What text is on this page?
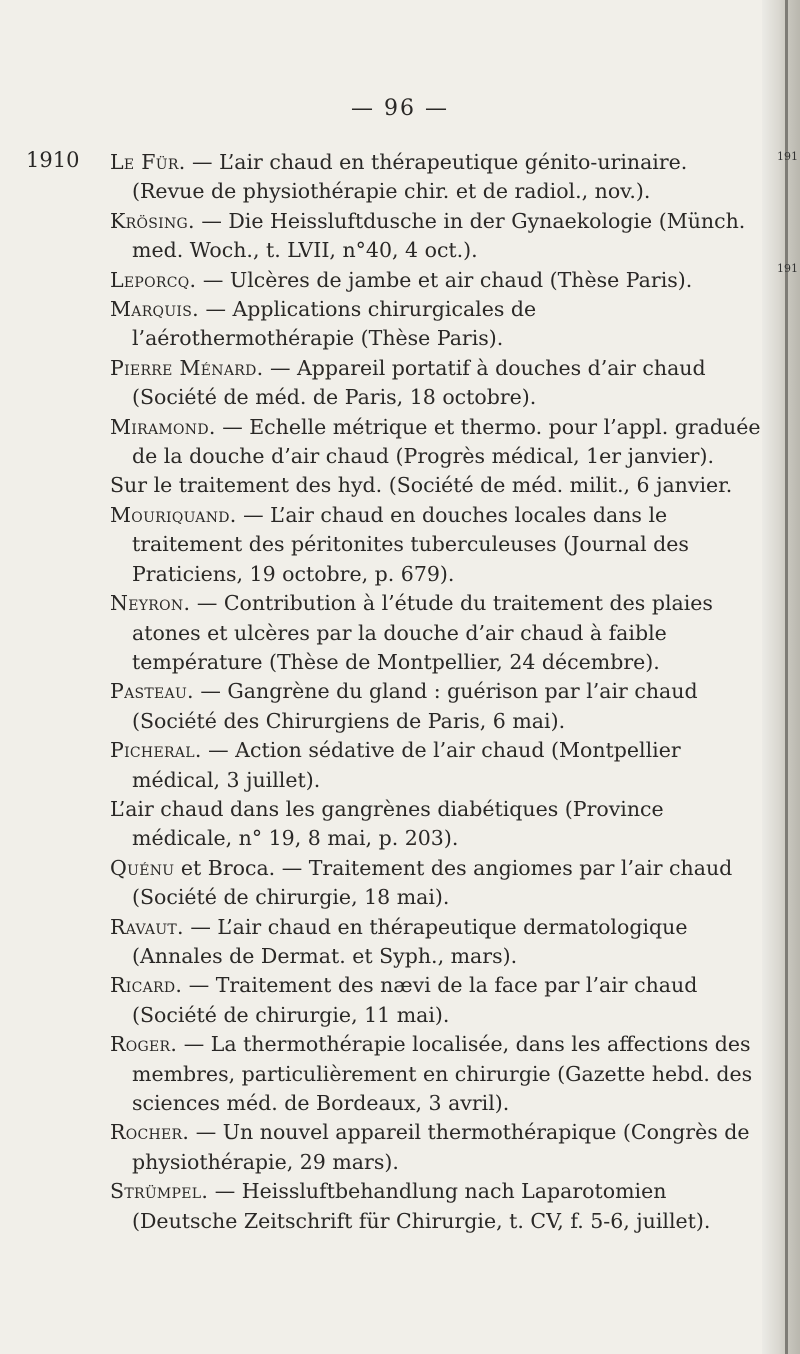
191
191
— 96 —
1910 Le Für. — L’air chaud en thérapeutique génito-urinaire. (Revue de physiothérapie chir. et de radiol., nov.).

Krösing. — Die Heissluftdusche in der Gynaekologie (Münch. med. Woch., t. LVII, n°40, 4 oct.).

Leporcq. — Ulcères de jambe et air chaud (Thèse Paris).

Marquis. — Applications chirurgicales de l’aérothermothérapie (Thèse Paris).

Pierre Ménard. — Appareil portatif à douches d’air chaud (Société de méd. de Paris, 18 octobre).

Miramond. — Echelle métrique et thermo. pour l’appl. graduée de la douche d’air chaud (Progrès médical, 1er janvier).

Sur le traitement des hyd. (Société de méd. milit., 6 janvier.

Mouriquand. — L’air chaud en douches locales dans le traitement des péritonites tuberculeuses (Journal des Praticiens, 19 octobre, p. 679).

Neyron. — Contribution à l’étude du traitement des plaies atones et ulcères par la douche d’air chaud à faible température (Thèse de Montpellier, 24 décembre).

Pasteau. — Gangrène du gland : guérison par l’air chaud (Société des Chirurgiens de Paris, 6 mai).

Picheral. — Action sédative de l’air chaud (Montpellier médical, 3 juillet).

L’air chaud dans les gangrènes diabétiques (Province médicale, n° 19, 8 mai, p. 203).

Quénu et Broca. — Traitement des angiomes par l’air chaud (Société de chirurgie, 18 mai).

Ravaut. — L’air chaud en thérapeutique dermatologique (Annales de Dermat. et Syph., mars).

Ricard. — Traitement des nævi de la face par l’air chaud (Société de chirurgie, 11 mai).

Roger. — La thermothérapie localisée, dans les affections des membres, particulièrement en chirurgie (Gazette hebd. des sciences méd. de Bordeaux, 3 avril).

Rocher. — Un nouvel appareil thermothérapique (Congrès de physiothérapie, 29 mars).

Strümpel. — Heissluftbehandlung nach Laparotomien (Deutsche Zeitschrift für Chirurgie, t. CV, f. 5-6, juillet).
